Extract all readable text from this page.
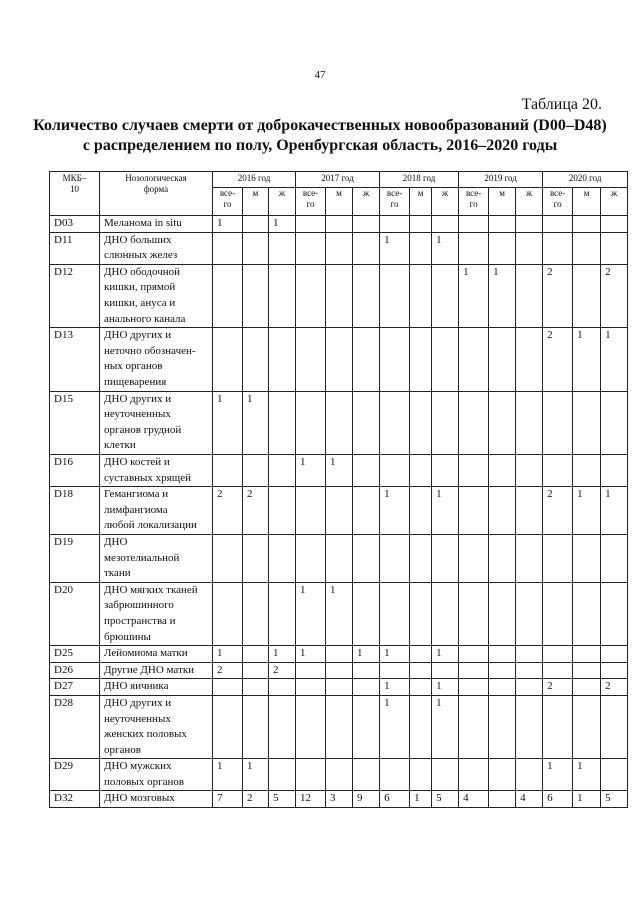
47
Таблица 20.
Количество случаев смерти от доброкачественных новообразований (D00–D48)
с распределением по полу, Оренбургская область, 2016–2020 годы
МКБ–
10	Нозологическая
форма	2016 год			2017 год			2018 год			2019 год			2020 год		
		все-
го	м	ж	все-
го	м	ж	все-
го	м	ж	все-
го	м	ж	все-
го	м	ж
D03	Меланома in situ	1		1												
D11	ДНО больших
слюнных желез							1		1						
D12	ДНО ободочной
кишки, прямой
кишки, ануса и
анального канала										1	1		2		2
D13	ДНО других и
неточно обозначен-
ных органов
пищеварения													2	1	1
D15	ДНО других и
неуточненных
органов грудной
клетки	1	1													
D16	ДНО костей и
суставных хрящей				1	1										
D18	Гемангиома и
лимфангиома
любой локализации	2	2					1		1				2	1	1
D19	ДНО
мезотелиальной
ткани															

D20	ДНО мягких тканей
забрюшинного
пространства и
брюшины				1	1										
D25	Лейомиома матки	1		1	1		1	1		1						
D26	Другие ДНО матки	2		2												
D27	ДНО яичника							1		1				2		2
D28	ДНО других и
неуточненных
женских половых
органов							1		1						
D29	ДНО мужских
половых органов	1	1											1	1	
D32	ДНО мозговых	7	2	5	12	3	9	6	1	5	4		4	6	1	5
